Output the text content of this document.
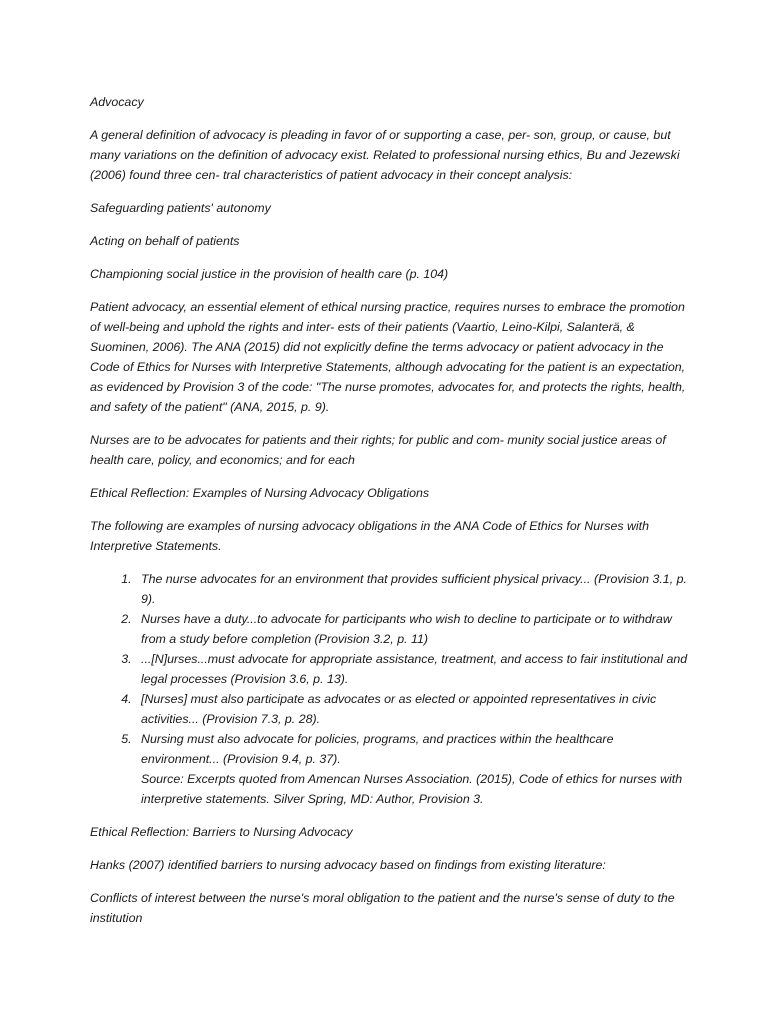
Advocacy

A general definition of advocacy is pleading in favor of or supporting a case, per- son, group, or cause, but many variations on the definition of advocacy exist. Related to professional nursing ethics, Bu and Jezewski (2006) found three cen- tral characteristics of patient advocacy in their concept analysis:

Safeguarding patients' autonomy

Acting on behalf of patients

Championing social justice in the provision of health care (p. 104)

Patient advocacy, an essential element of ethical nursing practice, requires nurses to embrace the promotion of well-being and uphold the rights and inter- ests of their patients (Vaartio, Leino-Kilpi, Salanterä, & Suominen, 2006). The ANA (2015) did not explicitly define the terms advocacy or patient advocacy in the Code of Ethics for Nurses with Interpretive Statements, although advocating for the patient is an expectation, as evidenced by Provision 3 of the code: "The nurse promotes, advocates for, and protects the rights, health, and safety of the patient" (ANA, 2015, p. 9).

Nurses are to be advocates for patients and their rights; for public and com- munity social justice areas of health care, policy, and economics; and for each

Ethical Reflection: Examples of Nursing Advocacy Obligations

The following are examples of nursing advocacy obligations in the ANA Code of Ethics for Nurses with Interpretive Statements.

1. The nurse advocates for an environment that provides sufficient physical privacy... (Provision 3.1, p. 9).
2. Nurses have a duty...to advocate for participants who wish to decline to participate or to withdraw from a study before completion (Provision 3.2, p. 11)
3. ...[N]urses...must advocate for appropriate assistance, treatment, and access to fair institutional and legal processes (Provision 3.6, p. 13).
4. [Nurses] must also participate as advocates or as elected or appointed representatives in civic activities... (Provision 7.3, p. 28).
5. Nursing must also advocate for policies, programs, and practices within the healthcare environment... (Provision 9.4, p. 37).
Source: Excerpts quoted from Amencan Nurses Association. (2015), Code of ethics for nurses with interpretive statements. Silver Spring, MD: Author, Provision 3.

Ethical Reflection: Barriers to Nursing Advocacy

Hanks (2007) identified barriers to nursing advocacy based on findings from existing literature:

Conflicts of interest between the nurse's moral obligation to the patient and the nurse's sense of duty to the institution
